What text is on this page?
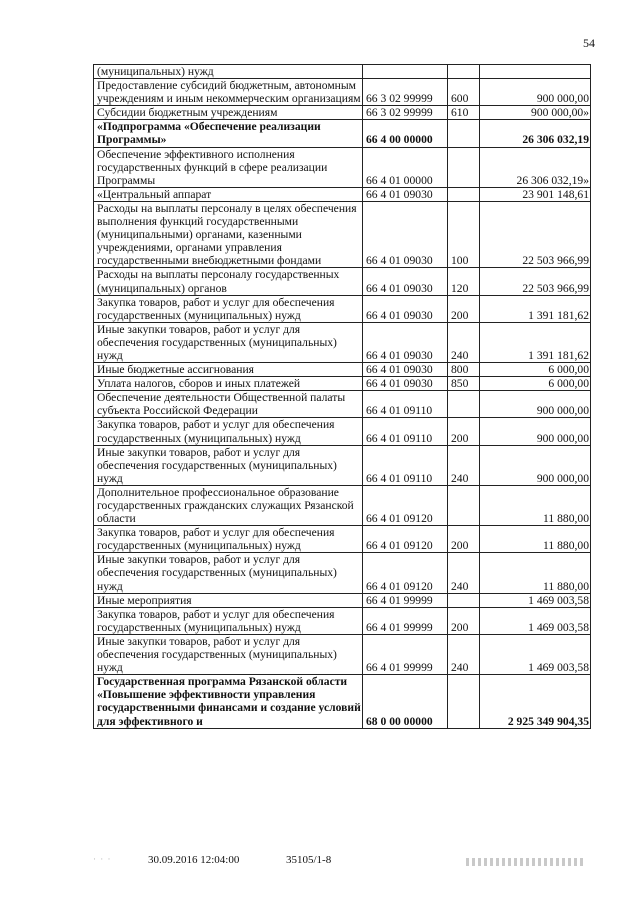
54
(муниципальных) нужд			
Предоставление субсидий бюджетным, автономным учреждениям и иным некоммерческим организациям	66 3 02 99999	600	900 000,00
Субсидии бюджетным учреждениям	66 3 02 99999	610	900 000,00»
«Подпрограмма «Обеспечение реализации Программы»	66 4 00 00000		26 306 032,19
Обеспечение эффективного исполнения государственных функций в сфере реализации Программы	66 4 01 00000		26 306 032,19»
«Центральный аппарат	66 4 01 09030		23 901 148,61
Расходы на выплаты персоналу в целях обеспечения выполнения функций государственными (муниципальными) органами, казенными учреждениями, органами управления государственными внебюджетными фондами	66 4 01 09030	100	22 503 966,99
Расходы на выплаты персоналу государственных (муниципальных) органов	66 4 01 09030	120	22 503 966,99
Закупка товаров, работ и услуг для обеспечения государственных (муниципальных) нужд	66 4 01 09030	200	1 391 181,62
Иные закупки товаров, работ и услуг для обеспечения государственных (муниципальных) нужд	66 4 01 09030	240	1 391 181,62
Иные бюджетные ассигнования	66 4 01 09030	800	6 000,00
Уплата налогов, сборов и иных платежей	66 4 01 09030	850	6 000,00
Обеспечение деятельности Общественной палаты субъекта Российской Федерации	66 4 01 09110		900 000,00
Закупка товаров, работ и услуг для обеспечения государственных (муниципальных) нужд	66 4 01 09110	200	900 000,00
Иные закупки товаров, работ и услуг для обеспечения государственных (муниципальных) нужд	66 4 01 09110	240	900 000,00
Дополнительное профессиональное образование государственных гражданских служащих Рязанской области	66 4 01 09120		11 880,00
Закупка товаров, работ и услуг для обеспечения государственных (муниципальных) нужд	66 4 01 09120	200	11 880,00
Иные закупки товаров, работ и услуг для обеспечения государственных (муниципальных) нужд	66 4 01 09120	240	11 880,00
Иные мероприятия	66 4 01 99999		1 469 003,58
Закупка товаров, работ и услуг для обеспечения государственных (муниципальных) нужд	66 4 01 99999	200	1 469 003,58
Иные закупки товаров, работ и услуг для обеспечения государственных (муниципальных) нужд	66 4 01 99999	240	1 469 003,58
Государственная программа Рязанской области «Повышение эффективности управления государственными финансами и создание условий для эффективного и	68 0 00 00000		2 925 349 904,35
· · ·	30.09.2016 12:04:00	35105/1-8
